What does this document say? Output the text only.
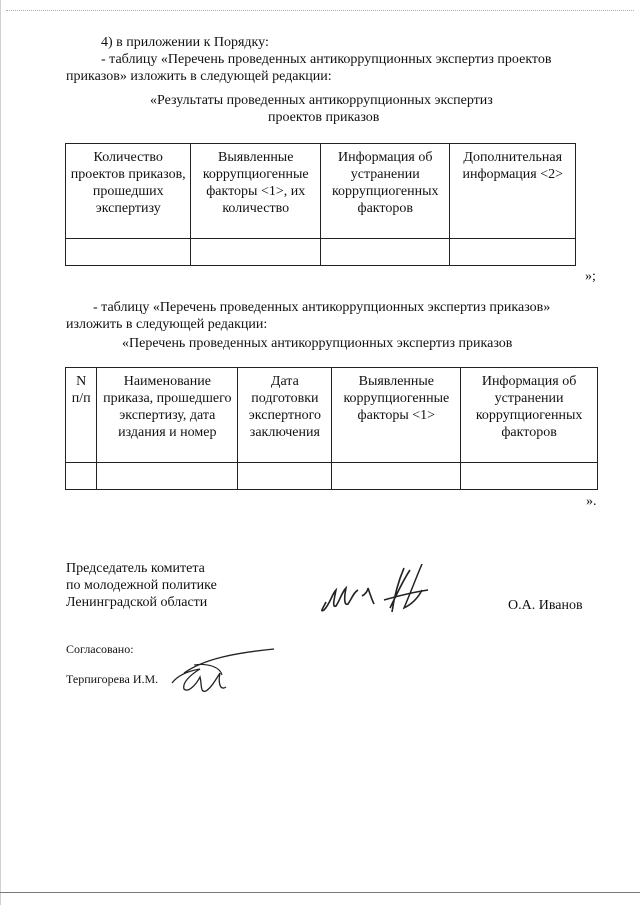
4) в приложении к Порядку:
- таблицу «Перечень проведенных антикоррупционных экспертиз проектов
приказов» изложить в следующей редакции:
«Результаты проведенных антикоррупционных экспертиз
проектов приказов
Количество проектов приказов, прошедших экспертизу	Выявленные коррупциогенные факторы <1>, их количество	Информация об устранении коррупциогенных факторов	Дополнительная информация <2>

»;
- таблицу «Перечень проведенных антикоррупционных экспертиз приказов»
изложить в следующей редакции:
«Перечень проведенных антикоррупционных экспертиз приказов
N п/п	Наименование приказа, прошедшего экспертизу, дата издания и номер	Дата подготовки экспертного заключения	Выявленные коррупциогенные факторы <1>	Информация об устранении коррупциогенных факторов

».
Председатель комитета
по молодежной политике
Ленинградской области	О.А. Иванов
Согласовано:
Терпигорева И.М.
